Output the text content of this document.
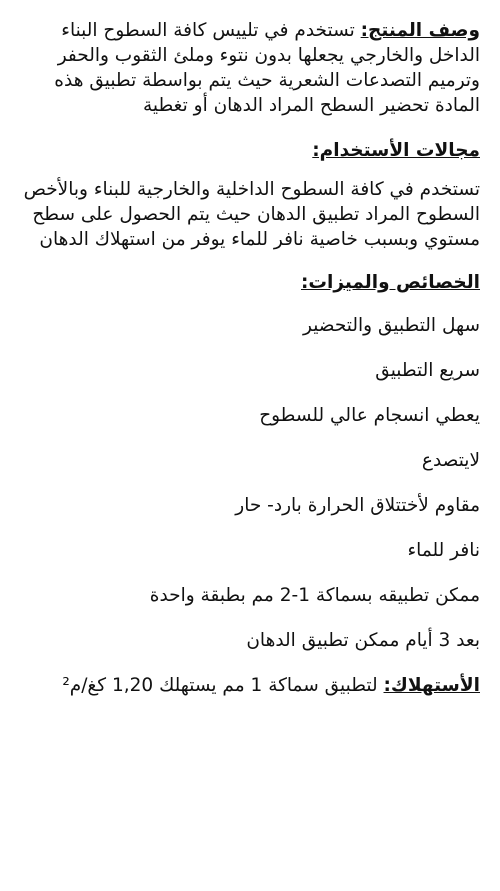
وصف المنتج: تستخدم في تلييس كافة السطوح البناء الداخل والخارجي يجعلها بدون نتوء وملئ الثقوب والحفر وترميم التصدعات الشعرية حيث يتم بواسطة تطبيق هذه المادة تحضير السطح المراد الدهان أو تغطية

مجالات الأستخدام:

تستخدم في كافة السطوح الداخلية والخارجية للبناء وبالأخص السطوح المراد تطبيق الدهان حيث يتم الحصول على سطح مستوي وبسبب خاصية نافر للماء يوفر من استهلاك الدهان

الخصائص والميزات:

سهل التطبيق والتحضير
سريع التطبيق
يعطي انسجام عالي للسطوح
لايتصدع
مقاوم لأختتلاق الحرارة بارد- حار
نافر للماء
ممكن تطبيقه بسماكة 1-2 مم بطبقة واحدة
بعد 3 أيام ممكن تطبيق الدهان

الأستهلاك: لتطبيق سماكة 1 مم يستهلك 1,20 كغ/م²
